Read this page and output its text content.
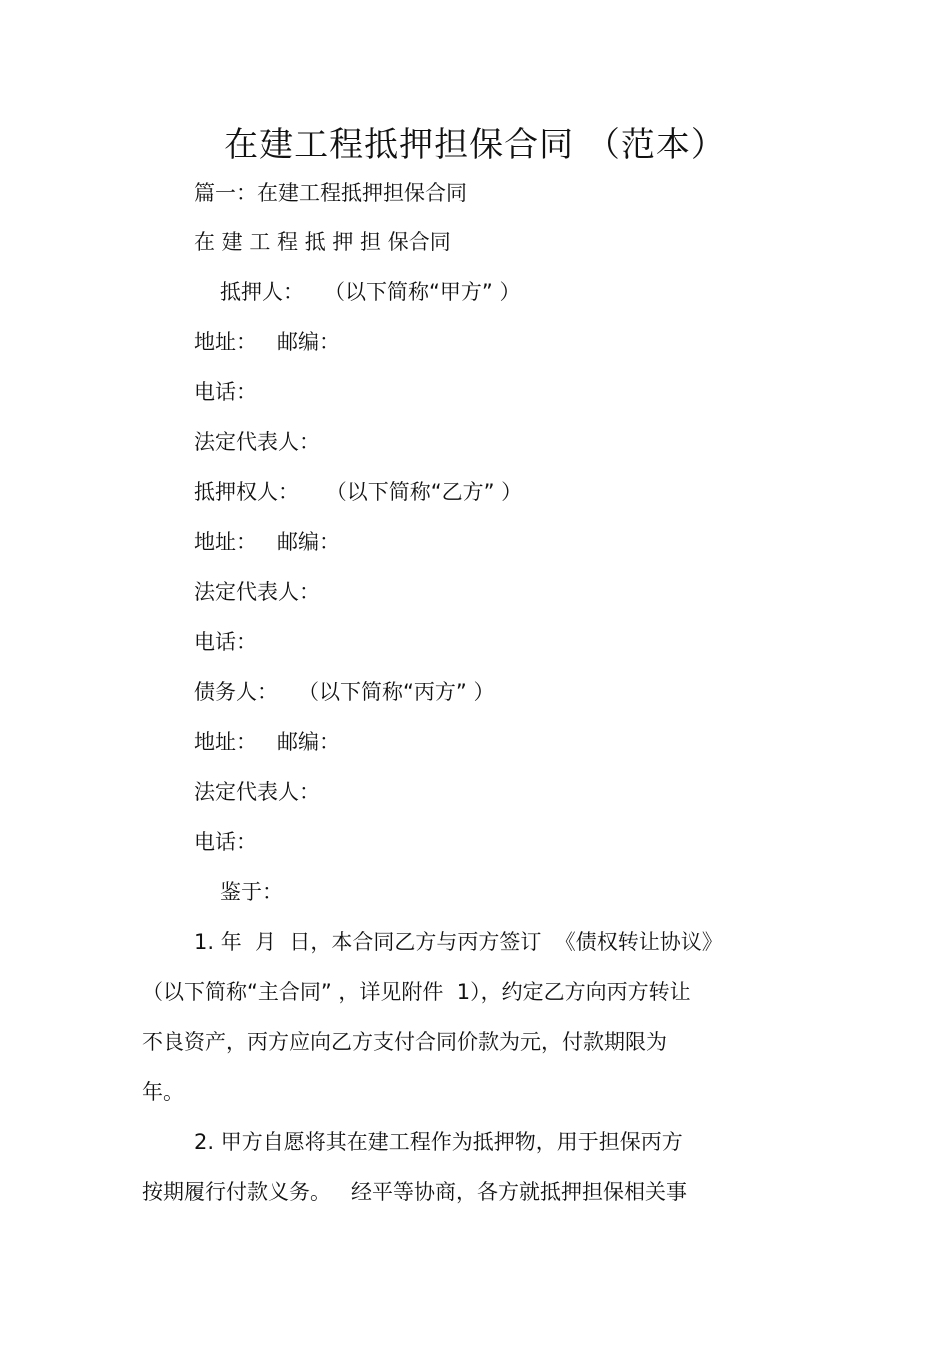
在建工程抵押担保合同 （范本）
篇一：在建工程抵押担保合同
在 建 工 程 抵 押 担 保合同
抵押人：   （以下简称“甲方” ）
地址：   邮编：
电话：
法定代表人：
抵押权人：    （以下简称“乙方” ）
地址：   邮编：
法定代表人：
电话：
债务人：   （以下简称“丙方” ）
地址：   邮编：
法定代表人：
电话：
鉴于：
1. 年  月  日，本合同乙方与丙方签订  《债权转让协议》
（以下简称“主合同” ，详见附件  1），约定乙方向丙方转让
不良资产，丙方应向乙方支付合同价款为元，付款期限为
年。
2. 甲方自愿将其在建工程作为抵押物，用于担保丙方
按期履行付款义务。   经平等协商，各方就抵押担保相关事
